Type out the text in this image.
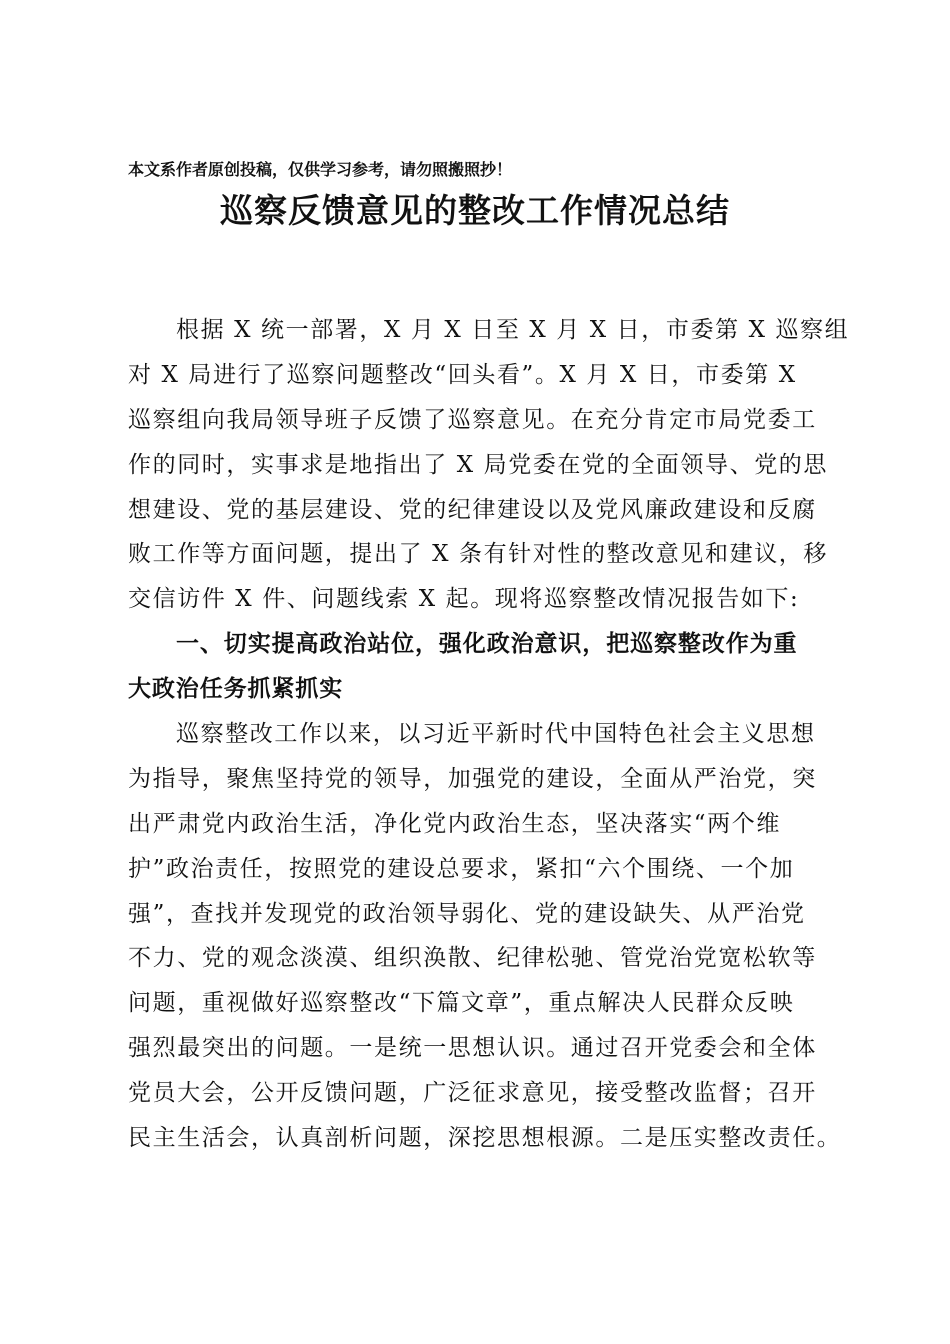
本文系作者原创投稿，仅供学习参考，请勿照搬照抄！
巡察反馈意见的整改工作情况总结
根据 X 统一部署，X 月 X 日至 X 月 X 日，市委第 X 巡察组
对 X 局进行了巡察问题整改“回头看”。X 月 X 日，市委第 X
巡察组向我局领导班子反馈了巡察意见。在充分肯定市局党委工
作的同时，实事求是地指出了 X 局党委在党的全面领导、党的思
想建设、党的基层建设、党的纪律建设以及党风廉政建设和反腐
败工作等方面问题，提出了 X 条有针对性的整改意见和建议，移
交信访件 X 件、问题线索 X 起。现将巡察整改情况报告如下:
一、切实提高政治站位，强化政治意识，把巡察整改作为重
大政治任务抓紧抓实
巡察整改工作以来，以习近平新时代中国特色社会主义思想
为指导，聚焦坚持党的领导，加强党的建设，全面从严治党，突
出严肃党内政治生活，净化党内政治生态，坚决落实“两个维
护”政治责任，按照党的建设总要求，紧扣“六个围绕、一个加
强”，查找并发现党的政治领导弱化、党的建设缺失、从严治党
不力、党的观念淡漠、组织涣散、纪律松驰、管党治党宽松软等
问题，重视做好巡察整改“下篇文章”，重点解决人民群众反映
强烈最突出的问题。一是统一思想认识。通过召开党委会和全体
党员大会，公开反馈问题，广泛征求意见，接受整改监督；召开
民主生活会，认真剖析问题，深挖思想根源。二是压实整改责任。
